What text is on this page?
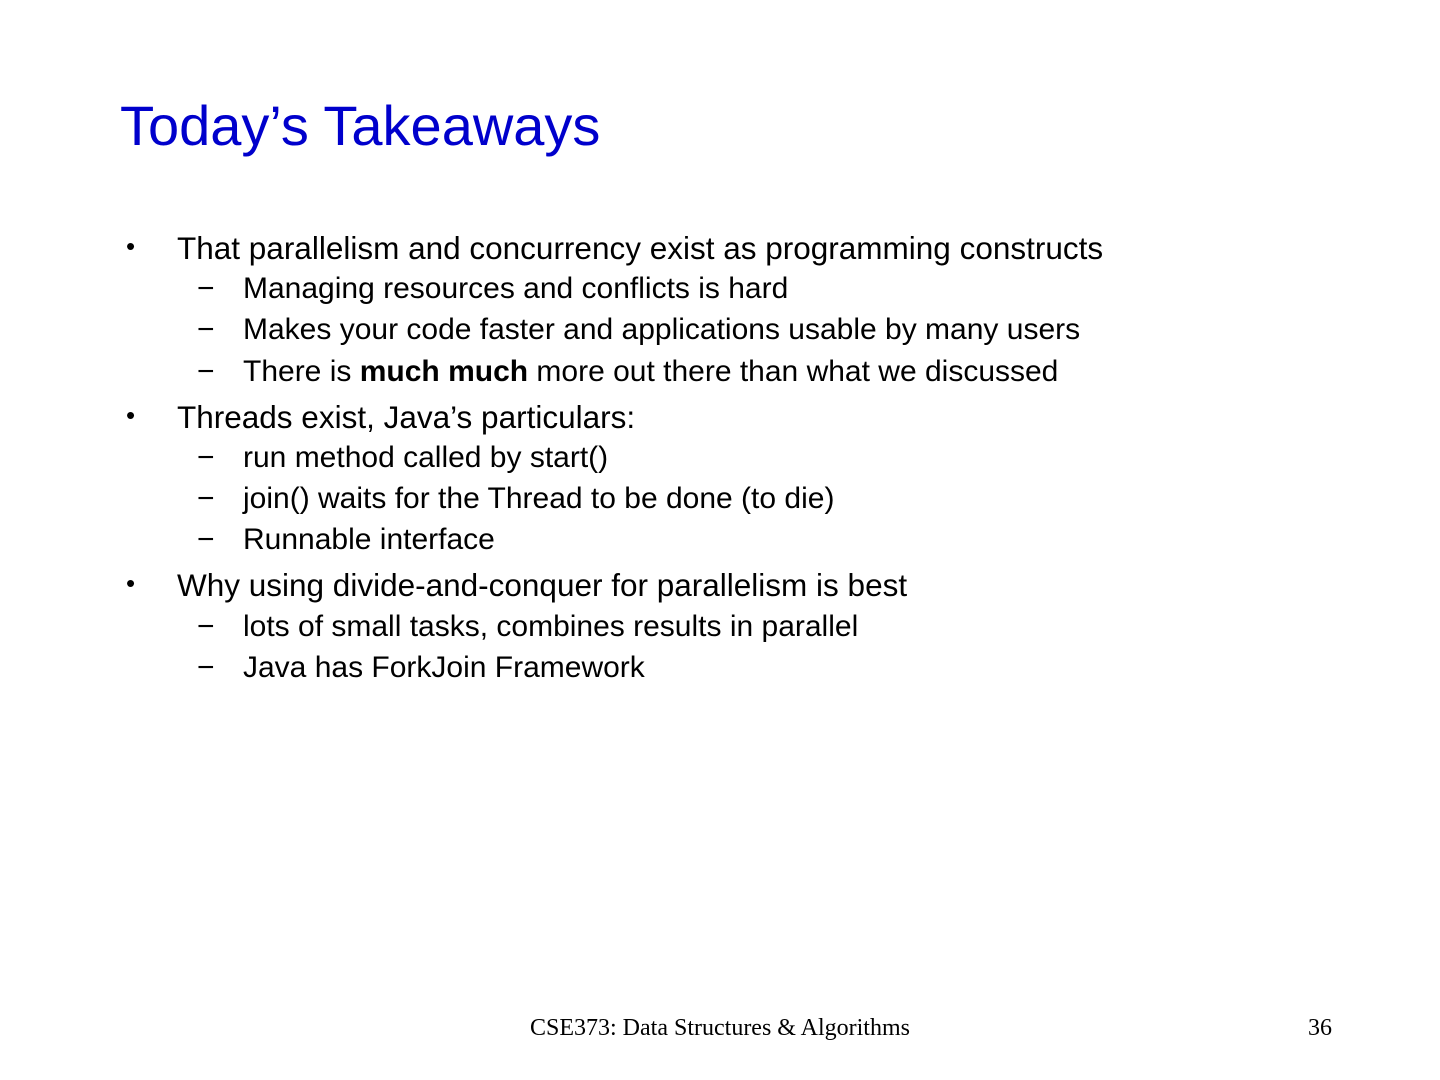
Today’s Takeaways
• That parallelism and concurrency exist as programming constructs
− Managing resources and conflicts is hard
− Makes your code faster and applications usable by many users
− There is much much more out there than what we discussed
• Threads exist, Java’s particulars:
− run method called by start()
− join() waits for the Thread to be done (to die)
− Runnable interface
• Why using divide-and-conquer for parallelism is best
− lots of small tasks, combines results in parallel
− Java has ForkJoin Framework
CSE373: Data Structures & Algorithms	36
